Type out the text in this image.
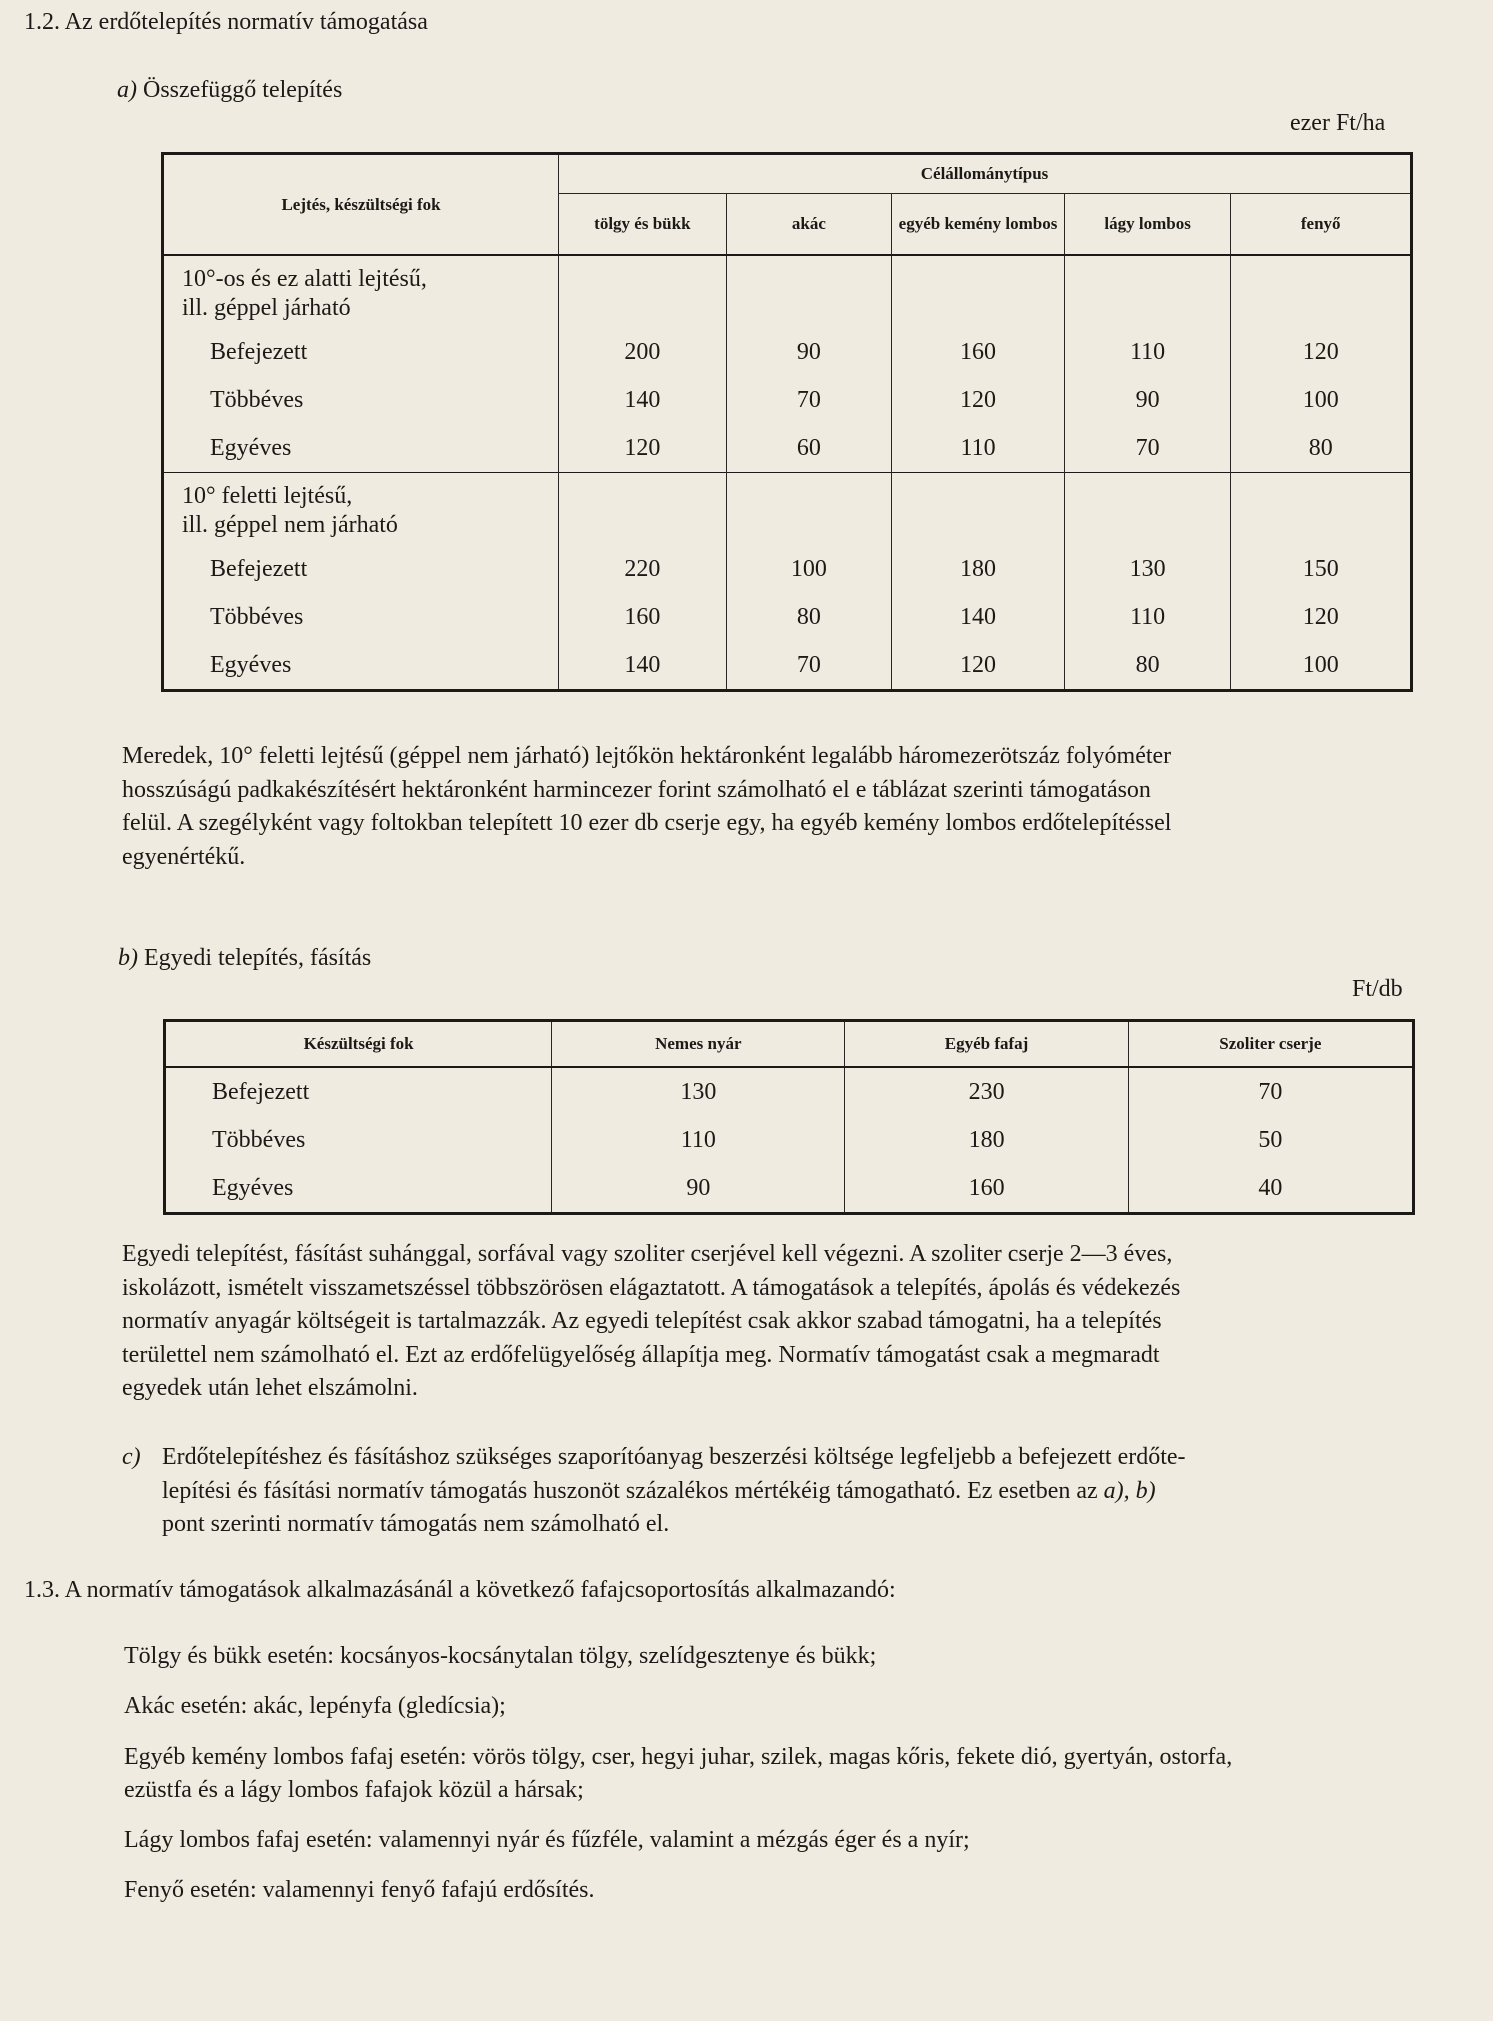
1.2. Az erdőtelepítés normatív támogatása
a) Összefüggő telepítés
ezer Ft/ha
Lejtés, készültségi fok	Célállománytípus				
	tölgy és bükk	akác	egyéb kemény lombos	lágy lombos	fenyő

10°-os és ez alatti lejtésű,
ill. géppel járható					

Befejezett	200	90	160	110	120
Többéves	140	70	120	90	100
Egyéves	120	60	110	70	80

10° feletti lejtésű,
ill. géppel nem járható					

Befejezett	220	100	180	130	150
Többéves	160	80	140	110	120
Egyéves	140	70	120	80	100
Meredek, 10° feletti lejtésű (géppel nem járható) lejtőkön hektáronként legalább háromezerötszáz folyóméter
hosszúságú padkakészítésért hektáronként harmincezer forint számolható el e táblázat szerinti támogatáson
felül. A szegélyként vagy foltokban telepített 10 ezer db cserje egy, ha egyéb kemény lombos erdőtelepítéssel
egyenértékű.
b) Egyedi telepítés, fásítás
Ft/db
Készültségi fok	Nemes nyár	Egyéb fafaj	Szoliter cserje
Befejezett	130	230	70
Többéves	110	180	50
Egyéves	90	160	40
Egyedi telepítést, fásítást suhánggal, sorfával vagy szoliter cserjével kell végezni. A szoliter cserje 2—3 éves,
iskolázott, ismételt visszametszéssel többszörösen elágaztatott. A támogatások a telepítés, ápolás és védekezés
normatív anyagár költségeit is tartalmazzák. Az egyedi telepítést csak akkor szabad támogatni, ha a telepítés
területtel nem számolható el. Ezt az erdőfelügyelőség állapítja meg. Normatív támogatást csak a megmaradt
egyedek után lehet elszámolni.
c) Erdőtelepítéshez és fásításhoz szükséges szaporítóanyag beszerzési költsége legfeljebb a befejezett erdőte-
lepítési és fásítási normatív támogatás huszonöt százalékos mértékéig támogatható. Ez esetben az a), b)
pont szerinti normatív támogatás nem számolható el.
1.3. A normatív támogatások alkalmazásánál a következő fafajcsoportosítás alkalmazandó:
Tölgy és bükk esetén: kocsányos-kocsánytalan tölgy, szelídgesztenye és bükk;
Akác esetén: akác, lepényfa (gledícsia);
Egyéb kemény lombos fafaj esetén: vörös tölgy, cser, hegyi juhar, szilek, magas kőris, fekete dió, gyertyán, ostorfa,
ezüstfa és a lágy lombos fafajok közül a hársak;
Lágy lombos fafaj esetén: valamennyi nyár és fűzféle, valamint a mézgás éger és a nyír;
Fenyő esetén: valamennyi fenyő fafajú erdősítés.
